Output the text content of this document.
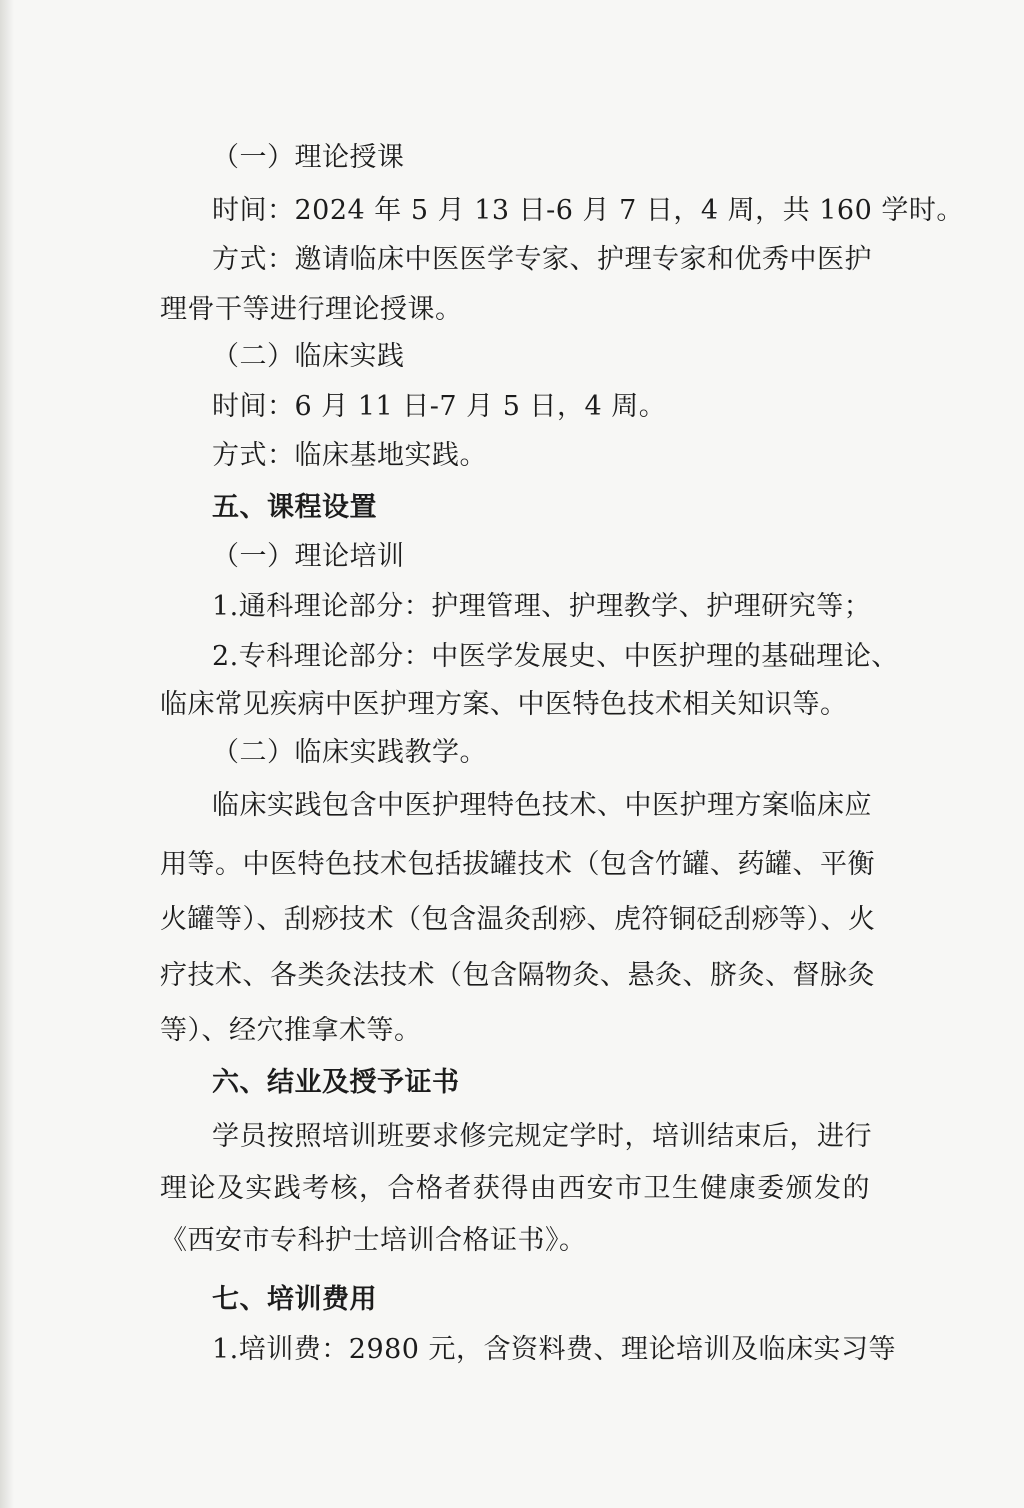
（一）理论授课
时间：2024 年 5 月 13 日-6 月 7 日，4 周，共 160 学时。
方式：邀请临床中医医学专家、护理专家和优秀中医护
理骨干等进行理论授课。
（二）临床实践
时间：6 月 11 日-7 月 5 日，4 周。
方式：临床基地实践。
五、课程设置
（一）理论培训
1.通科理论部分：护理管理、护理教学、护理研究等；
2.专科理论部分：中医学发展史、中医护理的基础理论、
临床常见疾病中医护理方案、中医特色技术相关知识等。
（二）临床实践教学。
临床实践包含中医护理特色技术、中医护理方案临床应
用等。中医特色技术包括拔罐技术（包含竹罐、药罐、平衡
火罐等）、刮痧技术（包含温灸刮痧、虎符铜砭刮痧等）、火
疗技术、各类灸法技术（包含隔物灸、悬灸、脐灸、督脉灸
等）、经穴推拿术等。
六、结业及授予证书
学员按照培训班要求修完规定学时，培训结束后，进行
理论及实践考核，合格者获得由西安市卫生健康委颁发的
《西安市专科护士培训合格证书》。
七、培训费用
1.培训费：2980 元，含资料费、理论培训及临床实习等
